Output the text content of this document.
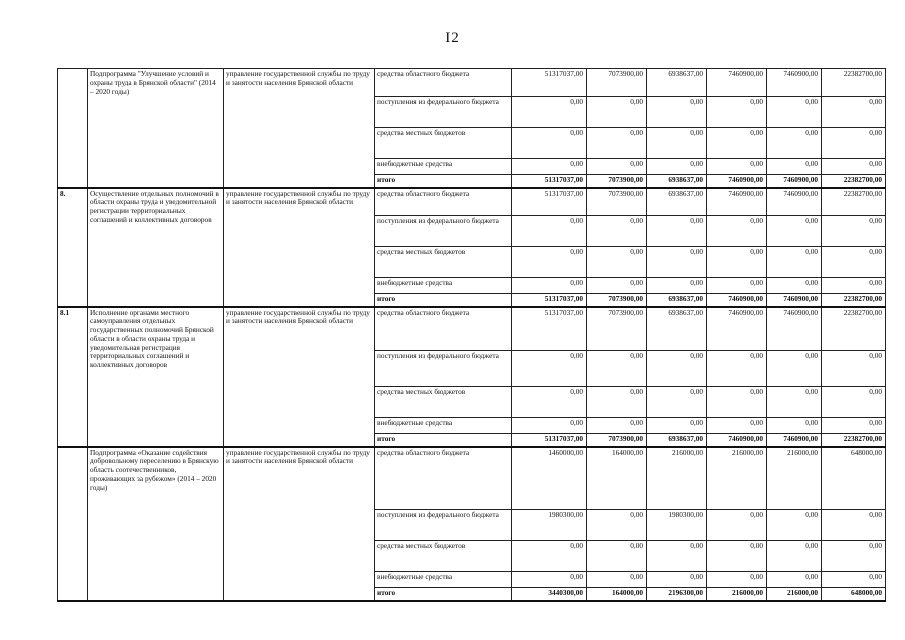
I2
	Подпрограмма "Улучшение условий и охраны труда в Брянской области" (2014 – 2020 годы)	управление государственной службы по труду и занятости населения Брянской области	средства областного бюджета	51317037,00	7073900,00	6938637,00	7460900,00	7460900,00	22382700,00
			поступления из федерального бюджета	0,00	0,00	0,00	0,00	0,00	0,00
			средства местных бюджетов	0,00	0,00	0,00	0,00	0,00	0,00
			внебюджетные средства	0,00	0,00	0,00	0,00	0,00	0,00
			итого	51317037,00	7073900,00	6938637,00	7460900,00	7460900,00	22382700,00
8.	Осуществление отдельных полномочий в области охраны труда и уведомительной регистрации территориальных соглашений и коллективных договоров	управление государственной службы по труду и занятости населения Брянской области	средства областного бюджета	51317037,00	7073900,00	6938637,00	7460900,00	7460900,00	22382700,00
			поступления из федерального бюджета	0,00	0,00	0,00	0,00	0,00	0,00
			средства местных бюджетов	0,00	0,00	0,00	0,00	0,00	0,00
			внебюджетные средства	0,00	0,00	0,00	0,00	0,00	0,00
			итого	51317037,00	7073900,00	6938637,00	7460900,00	7460900,00	22382700,00
8.1	Исполнение органами местного самоуправления отдельных государственных полномочий Брянской области в области охраны труда и уведомительная регистрация территориальных соглашений и коллективных договоров	управление государственной службы по труду и занятости населения Брянской области	средства областного бюджета	51317037,00	7073900,00	6938637,00	7460900,00	7460900,00	22382700,00
			поступления из федерального бюджета	0,00	0,00	0,00	0,00	0,00	0,00
			средства местных бюджетов	0,00	0,00	0,00	0,00	0,00	0,00
			внебюджетные средства	0,00	0,00	0,00	0,00	0,00	0,00
			итого	51317037,00	7073900,00	6938637,00	7460900,00	7460900,00	22382700,00
	Подпрограмма «Оказание содействия добровольному переселению в Брянскую область соотечественников, проживающих за рубежом» (2014 – 2020 годы)	управление государственной службы по труду и занятости населения Брянской области	средства областного бюджета	1460000,00	164000,00	216000,00	216000,00	216000,00	648000,00
			поступления из федерального бюджета	1980300,00	0,00	1980300,00	0,00	0,00	0,00
			средства местных бюджетов	0,00	0,00	0,00	0,00	0,00	0,00
			внебюджетные средства	0,00	0,00	0,00	0,00	0,00	0,00
			итого	3440300,00	164000,00	2196300,00	216000,00	216000,00	648000,00
